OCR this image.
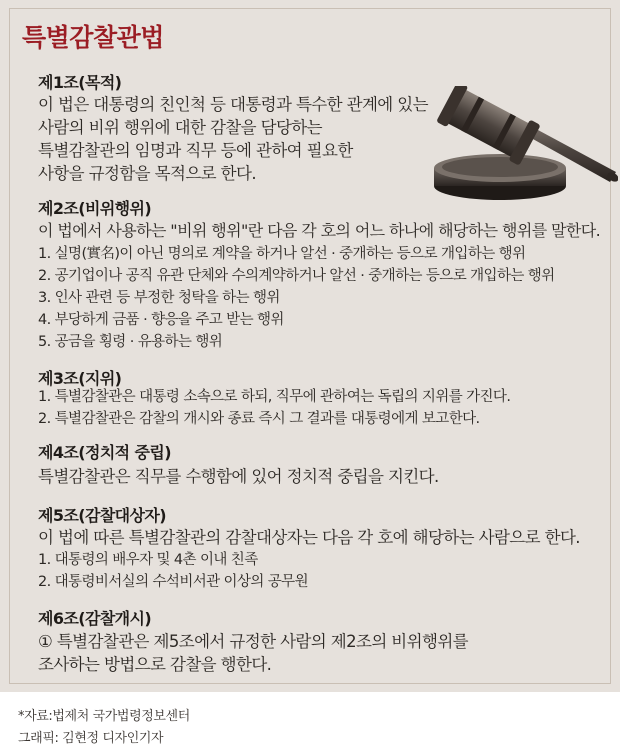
특별감찰관법
제1조(목적)

이 법은 대통령의 친인척 등 대통령과 특수한 관계에 있는
사람의 비위 행위에 대한 감찰을 담당하는
특별감찰관의 임명과 직무 등에 관하여 필요한
사항을 규정함을 목적으로 한다.

제2조(비위행위)

이 법에서 사용하는 "비위 행위"란 다음 각 호의 어느 하나에 해당하는 행위를 말한다.

1. 실명(實名)이 아닌 명의로 계약을 하거나 알선 · 중개하는 등으로 개입하는 행위
2. 공기업이나 공직 유관 단체와 수의계약하거나 알선 · 중개하는 등으로 개입하는 행위
3. 인사 관련 등 부정한 청탁을 하는 행위
4. 부당하게 금품 · 향응을 주고 받는 행위
5. 공금을 횡령 · 유용하는 행위
제3조(지위)
1. 특별감찰관은 대통령 소속으로 하되, 직무에 관하여는 독립의 지위를 가진다.
2. 특별감찰관은 감찰의 개시와 종료 즉시 그 결과를 대통령에게 보고한다.
제4조(정치적 중립)

특별감찰관은 직무를 수행함에 있어 정치적 중립을 지킨다.

제5조(감찰대상자)

이 법에 따른 특별감찰관의 감찰대상자는 다음 각 호에 해당하는 사람으로 한다.

1. 대통령의 배우자 및 4촌 이내 친족
2. 대통령비서실의 수석비서관 이상의 공무원
제6조(감찰개시)

① 특별감찰관은 제5조에서 규정한 사람의 제2조의 비위행위를
조사하는 방법으로 감찰을 행한다.

*자료:법제처 국가법령정보센터
그래픽: 김현정 디자인기자
